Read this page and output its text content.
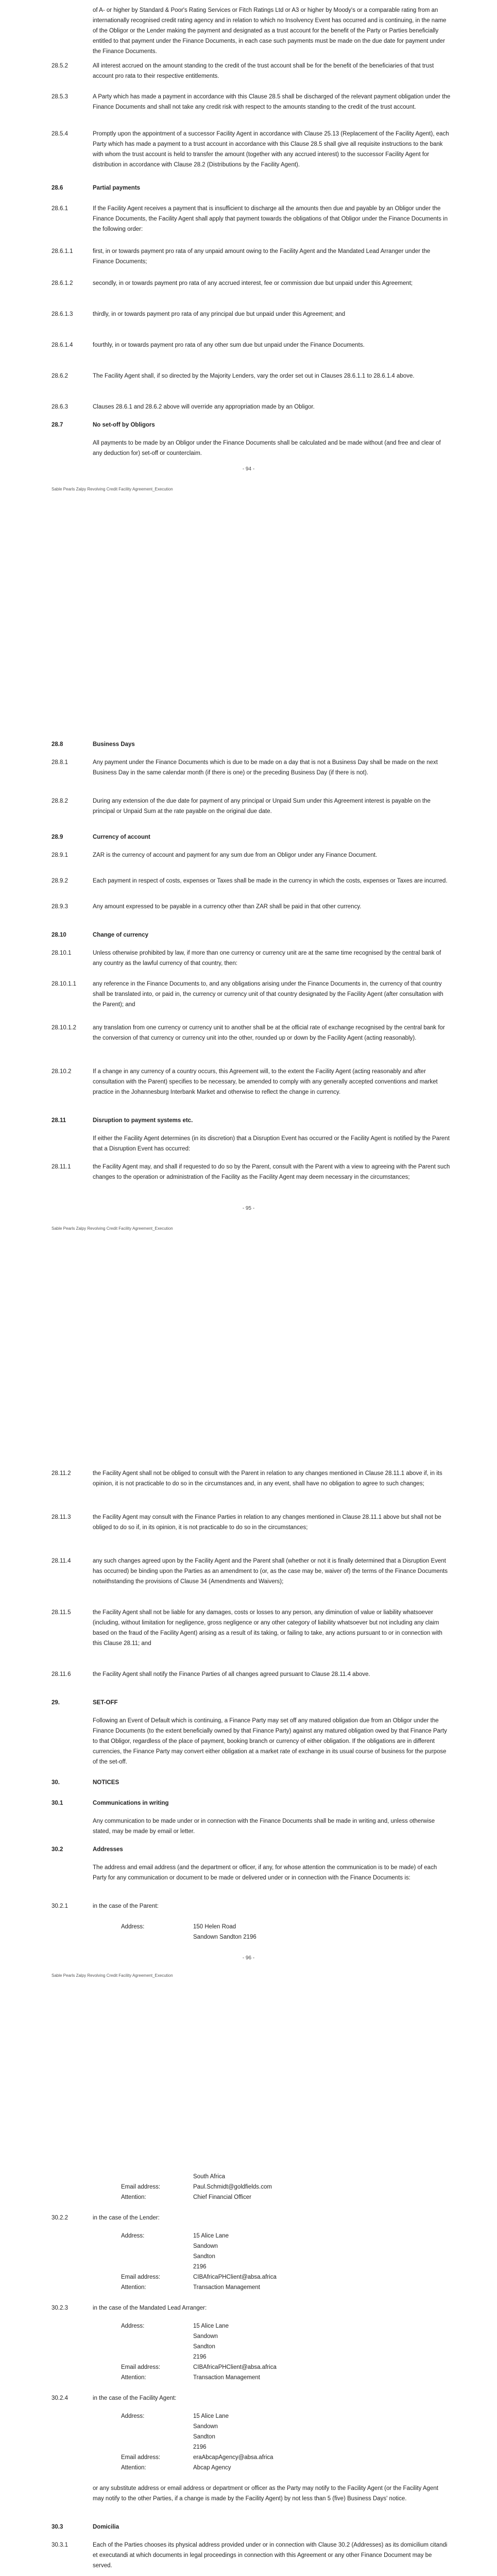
of A- or higher by Standard & Poor's Rating Services or Fitch Ratings Ltd or A3 or higher by Moody's or a comparable rating from an internationally recognised credit rating agency and in relation to which no Insolvency Event has occurred and is continuing, in the name of the Obligor or the Lender making the payment and designated as a trust account for the benefit of the Party or Parties beneficially entitled to that payment under the Finance Documents, in each case such payments must be made on the due date for payment under the Finance Documents.

28.5.2	All interest accrued on the amount standing to the credit of the trust account shall be for the benefit of the beneficiaries of that trust account pro rata to their respective entitlements.

28.5.3	A Party which has made a payment in accordance with this Clause 28.5 shall be discharged of the relevant payment obligation under the Finance Documents and shall not take any credit risk with respect to the amounts standing to the credit of the trust account.

28.5.4	Promptly upon the appointment of a successor Facility Agent in accordance with Clause 25.13 (Replacement of the Facility Agent), each Party which has made a payment to a trust account in accordance with this Clause 28.5 shall give all requisite instructions to the bank with whom the trust account is held to transfer the amount (together with any accrued interest) to the successor Facility Agent for distribution in accordance with Clause 28.2 (Distributions by the Facility Agent).

28.6	Partial payments

28.6.1	If the Facility Agent receives a payment that is insufficient to discharge all the amounts then due and payable by an Obligor under the Finance Documents, the Facility Agent shall apply that payment towards the obligations of that Obligor under the Finance Documents in the following order:

28.6.1.1	first, in or towards payment pro rata of any unpaid amount owing to the Facility Agent and the Mandated Lead Arranger under the Finance Documents;

28.6.1.2	secondly, in or towards payment pro rata of any accrued interest, fee or commission due but unpaid under this Agreement;

28.6.1.3	thirdly, in or towards payment pro rata of any principal due but unpaid under this Agreement; and

28.6.1.4	fourthly, in or towards payment pro rata of any other sum due but unpaid under the Finance Documents.

28.6.2	The Facility Agent shall, if so directed by the Majority Lenders, vary the order set out in Clauses 28.6.1.1 to 28.6.1.4 above.

28.6.3	Clauses 28.6.1 and 28.6.2 above will override any appropriation made by an Obligor.

28.7	No set-off by Obligors

All payments to be made by an Obligor under the Finance Documents shall be calculated and be made without (and free and clear of any deduction for) set-off or counterclaim.

- 94 -
Sable Pearls Zalpy Revolving Credit Facility Agreement_Execution
28.8	Business Days

28.8.1	Any payment under the Finance Documents which is due to be made on a day that is not a Business Day shall be made on the next Business Day in the same calendar month (if there is one) or the preceding Business Day (if there is not).

28.8.2	During any extension of the due date for payment of any principal or Unpaid Sum under this Agreement interest is payable on the principal or Unpaid Sum at the rate payable on the original due date.

28.9	Currency of account

28.9.1	ZAR is the currency of account and payment for any sum due from an Obligor under any Finance Document.

28.9.2	Each payment in respect of costs, expenses or Taxes shall be made in the currency in which the costs, expenses or Taxes are incurred.

28.9.3	Any amount expressed to be payable in a currency other than ZAR shall be paid in that other currency.

28.10	Change of currency

28.10.1	Unless otherwise prohibited by law, if more than one currency or currency unit are at the same time recognised by the central bank of any country as the lawful currency of that country, then:

28.10.1.1	any reference in the Finance Documents to, and any obligations arising under the Finance Documents in, the currency of that country shall be translated into, or paid in, the currency or currency unit of that country designated by the Facility Agent (after consultation with the Parent); and

28.10.1.2	any translation from one currency or currency unit to another shall be at the official rate of exchange recognised by the central bank for the conversion of that currency or currency unit into the other, rounded up or down by the Facility Agent (acting reasonably).

28.10.2	If a change in any currency of a country occurs, this Agreement will, to the extent the Facility Agent (acting reasonably and after consultation with the Parent) specifies to be necessary, be amended to comply with any generally accepted conventions and market practice in the Johannesburg Interbank Market and otherwise to reflect the change in currency.

28.11	Disruption to payment systems etc.

If either the Facility Agent determines (in its discretion) that a Disruption Event has occurred or the Facility Agent is notified by the Parent that a Disruption Event has occurred:

28.11.1	the Facility Agent may, and shall if requested to do so by the Parent, consult with the Parent with a view to agreeing with the Parent such changes to the operation or administration of the Facility as the Facility Agent may deem necessary in the circumstances;

- 95 -
Sable Pearls Zalpy Revolving Credit Facility Agreement_Execution
28.11.2	the Facility Agent shall not be obliged to consult with the Parent in relation to any changes mentioned in Clause 28.11.1 above if, in its opinion, it is not practicable to do so in the circumstances and, in any event, shall have no obligation to agree to such changes;

28.11.3	the Facility Agent may consult with the Finance Parties in relation to any changes mentioned in Clause 28.11.1 above but shall not be obliged to do so if, in its opinion, it is not practicable to do so in the circumstances;

28.11.4	any such changes agreed upon by the Facility Agent and the Parent shall (whether or not it is finally determined that a Disruption Event has occurred) be binding upon the Parties as an amendment to (or, as the case may be, waiver of) the terms of the Finance Documents notwithstanding the provisions of Clause 34 (Amendments and Waivers);

28.11.5	the Facility Agent shall not be liable for any damages, costs or losses to any person, any diminution of value or liability whatsoever (including, without limitation for negligence, gross negligence or any other category of liability whatsoever but not including any claim based on the fraud of the Facility Agent) arising as a result of its taking, or failing to take, any actions pursuant to or in connection with this Clause 28.11; and

28.11.6	the Facility Agent shall notify the Finance Parties of all changes agreed pursuant to Clause 28.11.4 above.

29.	SET-OFF

Following an Event of Default which is continuing, a Finance Party may set off any matured obligation due from an Obligor under the Finance Documents (to the extent beneficially owned by that Finance Party) against any matured obligation owed by that Finance Party to that Obligor, regardless of the place of payment, booking branch or currency of either obligation. If the obligations are in different currencies, the Finance Party may convert either obligation at a market rate of exchange in its usual course of business for the purpose of the set-off.

30.	NOTICES

30.1	Communications in writing

Any communication to be made under or in connection with the Finance Documents shall be made in writing and, unless otherwise stated, may be made by email or letter.

30.2	Addresses

The address and email address (and the department or officer, if any, for whose attention the communication is to be made) of each Party for any communication or document to be made or delivered under or in connection with the Finance Documents is:

30.2.1	in the case of the Parent:

Address:	150 Helen Road
Sandown Sandton 2196
- 96 -
Sable Pearls Zalpy Revolving Credit Facility Agreement_Execution
South Africa
Email address:	Paul.Schmidt@goldfields.com
Attention:	Chief Financial Officer
30.2.2	in the case of the Lender:

Address:	15 Alice Lane
Sandown
Sandton
2196
Email address:	CIBAfricaPHClient@absa.africa
Attention:	Transaction Management
30.2.3	in the case of the Mandated Lead Arranger:

Address:	15 Alice Lane
Sandown
Sandton
2196
Email address:	CIBAfricaPHClient@absa.africa
Attention:	Transaction Management
30.2.4	in the case of the Facility Agent:

Address:	15 Alice Lane
Sandown
Sandton
2196
Email address:	eraAbcapAgency@absa.africa
Attention:	Abcap Agency

or any substitute address or email address or department or officer as the Party may notify to the Facility Agent (or the Facility Agent may notify to the other Parties, if a change is made by the Facility Agent) by not less than 5 (five) Business Days' notice.

30.3	Domicilia

30.3.1	Each of the Parties chooses its physical address provided under or in connection with Clause 30.2 (Addresses) as its domicilium citandi et executandi at which documents in legal proceedings in connection with this Agreement or any other Finance Document may be served.
